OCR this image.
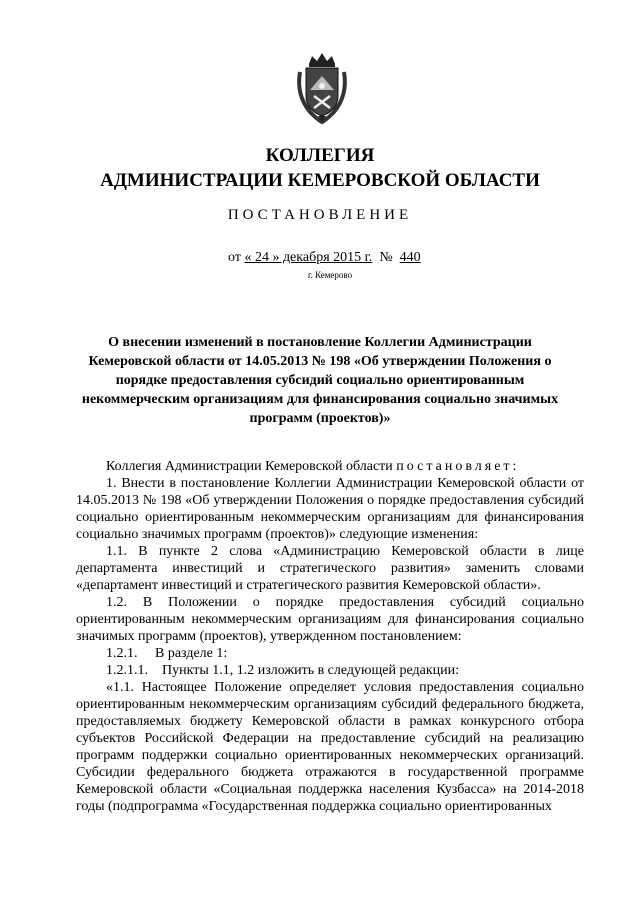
КОЛЛЕГИЯ
АДМИНИСТРАЦИИ КЕМЕРОВСКОЙ ОБЛАСТИ
ПОСТАНОВЛЕНИЕ
от « 24 » декабря 2015 г. № 440
г. Кемерово
О внесении изменений в постановление Коллегии Администрации Кемеровской области от 14.05.2013 № 198 «Об утверждении Положения о порядке предоставления субсидий социально ориентированным некоммерческим организациям для финансирования социально значимых программ (проектов)»

Коллегия Администрации Кемеровской области постановляет:

1. Внести в постановление Коллегии Администрации Кемеровской области от 14.05.2013 № 198 «Об утверждении Положения о порядке предоставления субсидий социально ориентированным некоммерческим организациям для финансирования социально значимых программ (проектов)» следующие изменения:

1.1. В пункте 2 слова «Администрацию Кемеровской области в лице департамента инвестиций и стратегического развития» заменить словами «департамент инвестиций и стратегического развития Кемеровской области».

1.2. В Положении о порядке предоставления субсидий социально ориентированным некоммерческим организациям для финансирования социально значимых программ (проектов), утвержденном постановлением:

1.2.1.     В разделе 1:

1.2.1.1.    Пункты 1.1, 1.2 изложить в следующей редакции:

«1.1. Настоящее Положение определяет условия предоставления социально ориентированным некоммерческим организациям субсидий федерального бюджета, предоставляемых бюджету Кемеровской области в рамках конкурсного отбора субъектов Российской Федерации на предоставление субсидий на реализацию программ поддержки социально ориентированных некоммерческих организаций. Субсидии федерального бюджета отражаются в государственной программе Кемеровской области «Социальная поддержка населения Кузбасса» на 2014-2018 годы (подпрограмма «Государственная поддержка социально ориентированных
